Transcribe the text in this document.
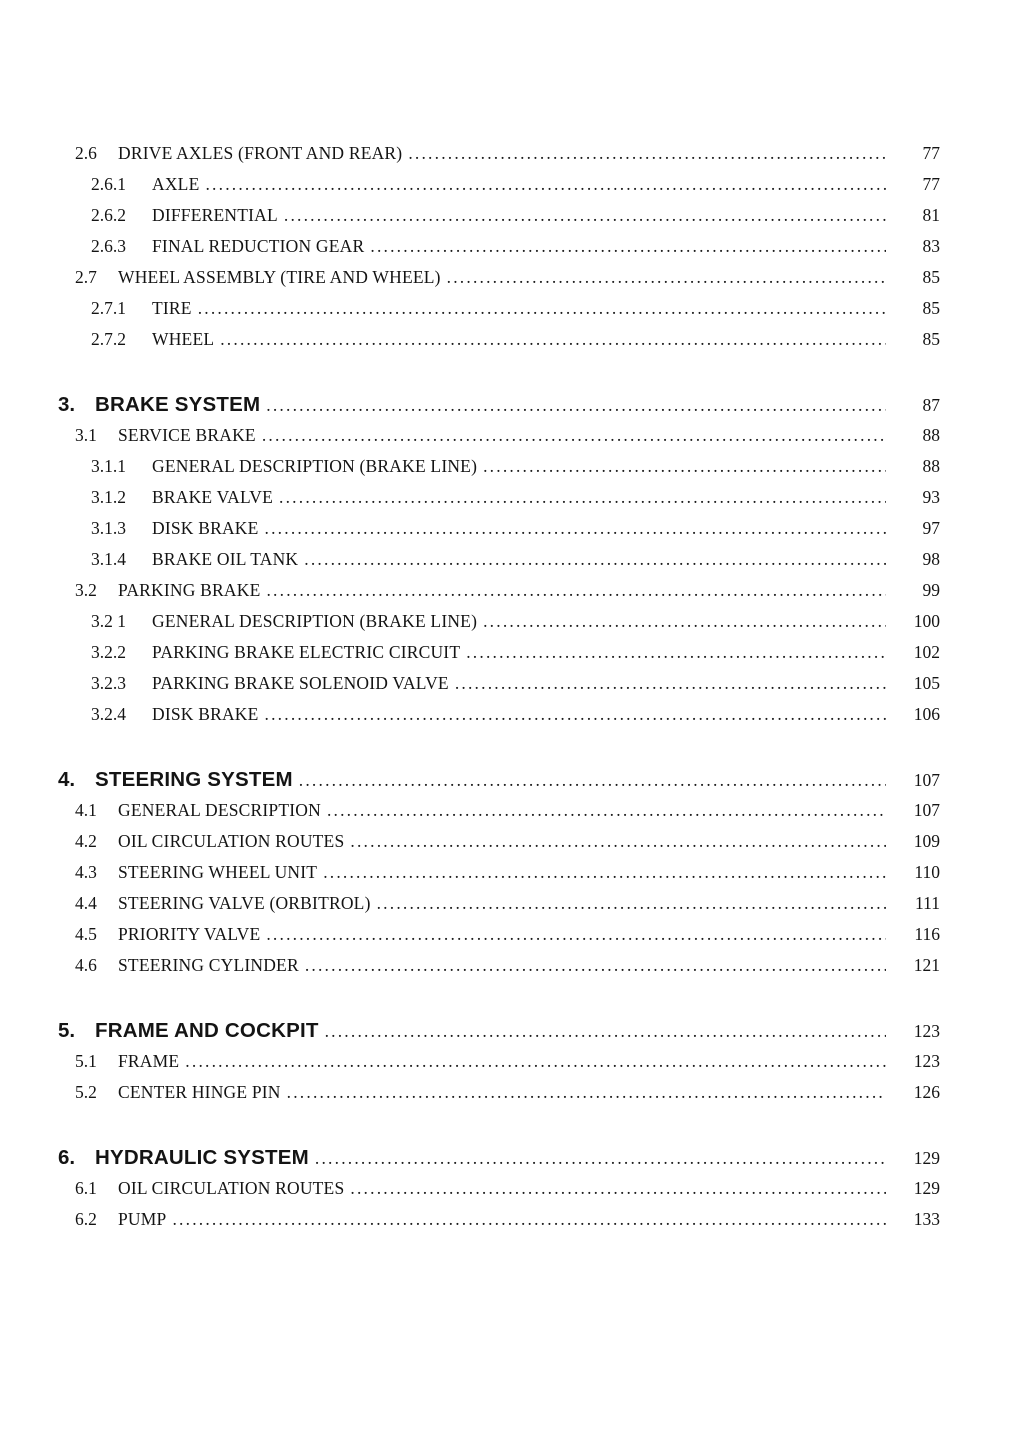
2.6	DRIVE AXLES (FRONT AND REAR) .....	77
2.6.1	AXLE .....	77
2.6.2	DIFFERENTIAL .....	81
2.6.3	FINAL REDUCTION GEAR .....	83
2.7	WHEEL ASSEMBLY (TIRE AND WHEEL) .....	85
2.7.1	TIRE .....	85
2.7.2	WHEEL .....	85
3. BRAKE SYSTEM .....	87
3.1	SERVICE BRAKE .....	88
3.1.1	GENERAL DESCRIPTION (BRAKE LINE) .....	88
3.1.2	BRAKE VALVE .....	93
3.1.3	DISK BRAKE .....	97
3.1.4	BRAKE OIL TANK .....	98
3.2	PARKING BRAKE .....	99
3.2 1	GENERAL DESCRIPTION (BRAKE LINE) .....	100
3.2.2	PARKING BRAKE ELECTRIC CIRCUIT .....	102
3.2.3	PARKING BRAKE SOLENOID VALVE .....	105
3.2.4	DISK BRAKE .....	106
4. STEERING SYSTEM .....	107
4.1	GENERAL DESCRIPTION .....	107
4.2	OIL CIRCULATION ROUTES .....	109
4.3	STEERING WHEEL UNIT .....	110
4.4	STEERING VALVE (ORBITROL) .....	111
4.5	PRIORITY VALVE .....	116
4.6	STEERING CYLINDER .....	121
5. FRAME AND COCKPIT .....	123
5.1	FRAME .....	123
5.2	CENTER HINGE PIN .....	126
6. HYDRAULIC SYSTEM .....	129
6.1	OIL CIRCULATION ROUTES .....	129
6.2	PUMP .....	133
